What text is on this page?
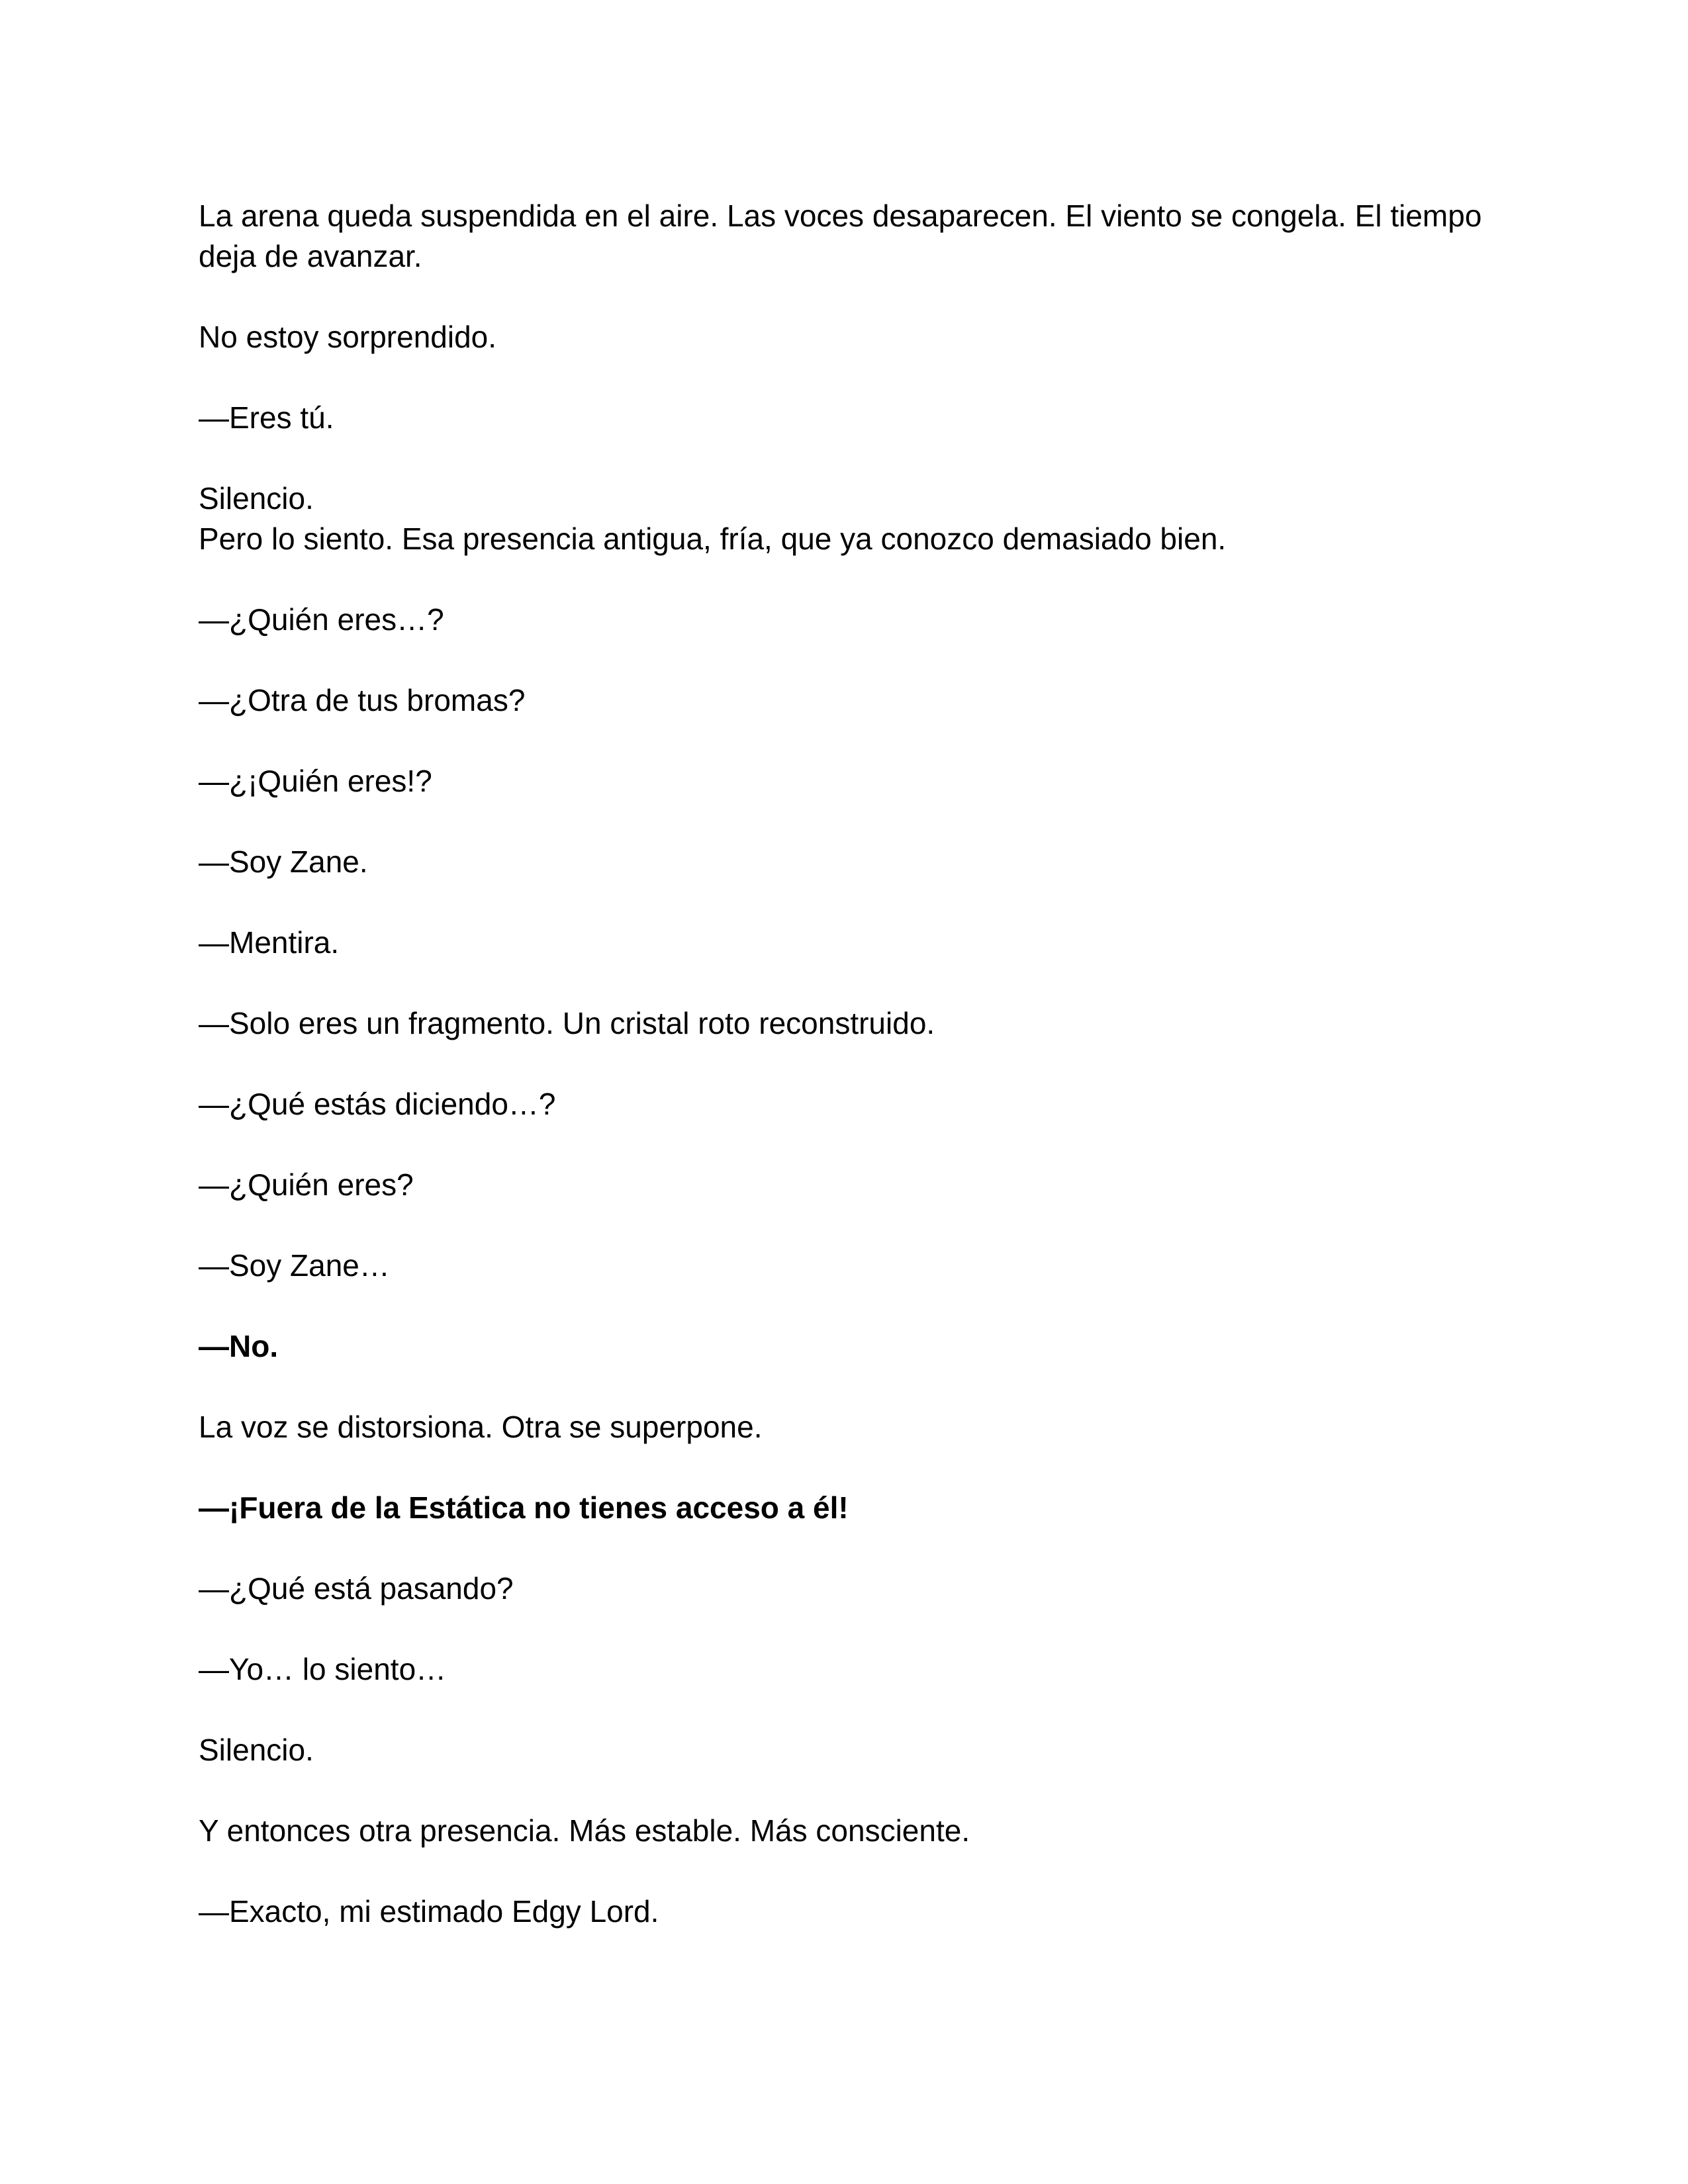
La arena queda suspendida en el aire. Las voces desaparecen. El viento se congela. El tiempo deja de avanzar.

No estoy sorprendido.

—Eres tú.

Silencio.
Pero lo siento. Esa presencia antigua, fría, que ya conozco demasiado bien.

—¿Quién eres…?

—¿Otra de tus bromas?

—¿¡Quién eres!?

—Soy Zane.

—Mentira.

—Solo eres un fragmento. Un cristal roto reconstruido.

—¿Qué estás diciendo…?

—¿Quién eres?

—Soy Zane…

—No.

La voz se distorsiona. Otra se superpone.

—¡Fuera de la Estática no tienes acceso a él!

—¿Qué está pasando?

—Yo… lo siento…

Silencio.

Y entonces otra presencia. Más estable. Más consciente.

—Exacto, mi estimado Edgy Lord.
